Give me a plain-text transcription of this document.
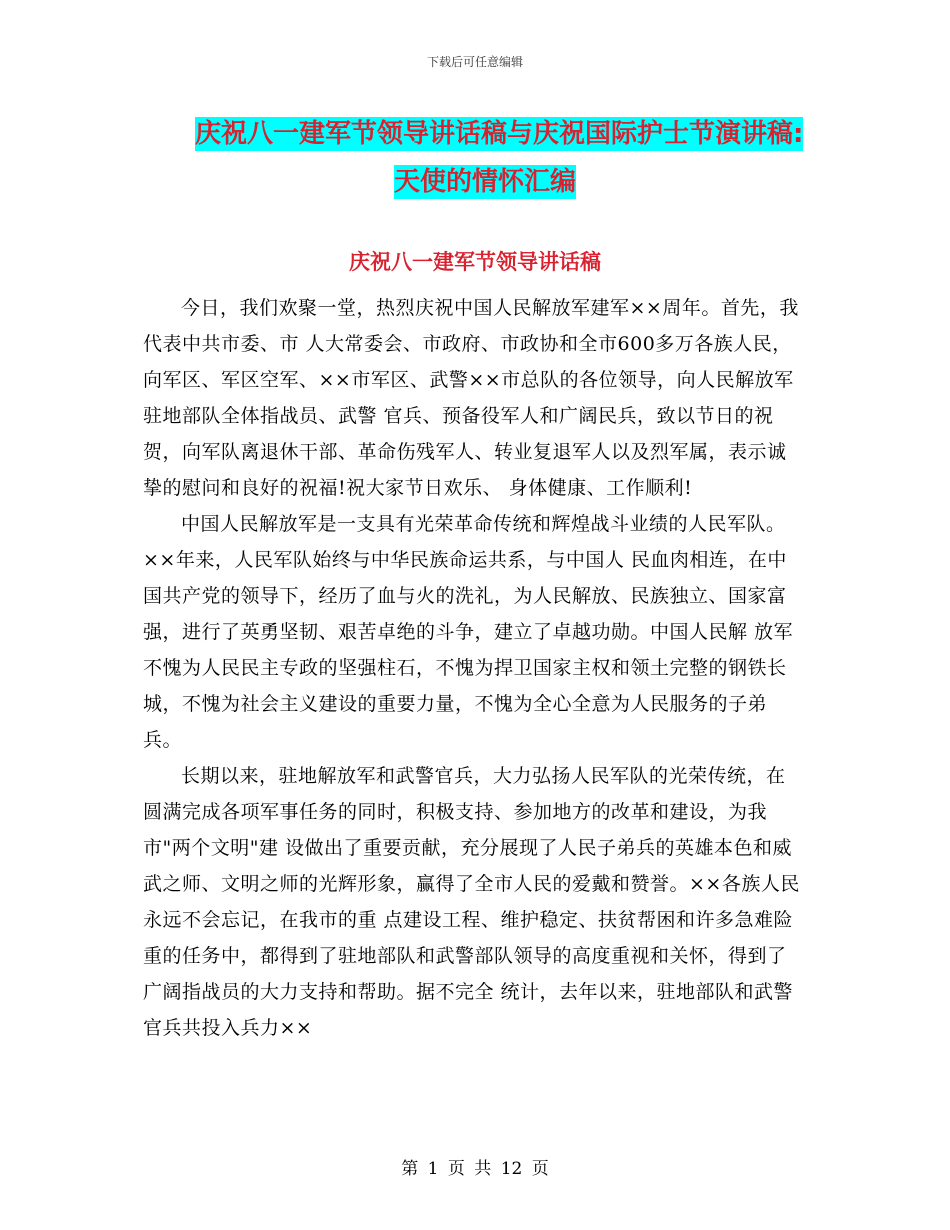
下载后可任意编辑
庆祝八一建军节领导讲话稿与庆祝国际护士节演讲稿:
天使的情怀汇编
庆祝八一建军节领导讲话稿

今日，我们欢聚一堂，热烈庆祝中国人民解放军建军××周年。首先，我代表中共市委、市 人大常委会、市政府、市政协和全市600多万各族人民，向军区、军区空军、××市军区、武警××市总队的各位领导，向人民解放军驻地部队全体指战员、武警 官兵、预备役军人和广阔民兵，致以节日的祝贺，向军队离退休干部、革命伤残军人、转业复退军人以及烈军属，表示诚挚的慰问和良好的祝福!祝大家节日欢乐、 身体健康、工作顺利!

中国人民解放军是一支具有光荣革命传统和辉煌战斗业绩的人民军队。××年来，人民军队始终与中华民族命运共系，与中国人 民血肉相连，在中国共产党的领导下，经历了血与火的洗礼，为人民解放、民族独立、国家富强，进行了英勇坚韧、艰苦卓绝的斗争，建立了卓越功勋。中国人民解 放军不愧为人民民主专政的坚强柱石，不愧为捍卫国家主权和领土完整的钢铁长城，不愧为社会主义建设的重要力量，不愧为全心全意为人民服务的子弟兵。

长期以来，驻地解放军和武警官兵，大力弘扬人民军队的光荣传统，在圆满完成各项军事任务的同时，积极支持、参加地方的改革和建设，为我市"两个文明"建 设做出了重要贡献，充分展现了人民子弟兵的英雄本色和威武之师、文明之师的光辉形象，赢得了全市人民的爱戴和赞誉。××各族人民永远不会忘记，在我市的重 点建设工程、维护稳定、扶贫帮困和许多急难险重的任务中，都得到了驻地部队和武警部队领导的高度重视和关怀，得到了广阔指战员的大力支持和帮助。据不完全 统计，去年以来，驻地部队和武警官兵共投入兵力××

第 1 页 共 12 页
